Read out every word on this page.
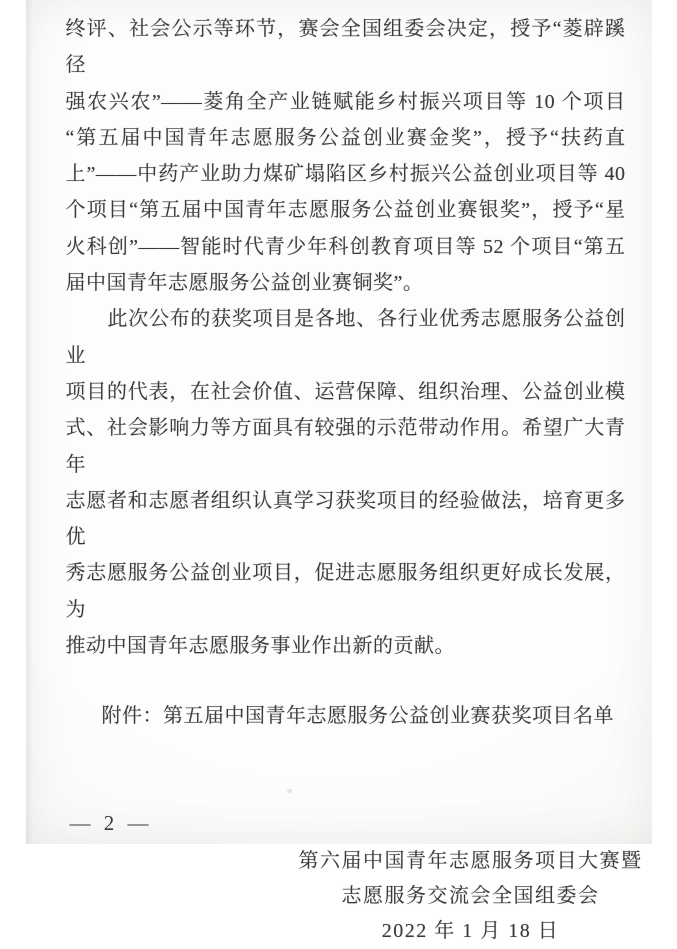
终评、社会公示等环节，赛会全国组委会决定，授予“菱辟蹊径
强农兴农”——菱角全产业链赋能乡村振兴项目等 10 个项目
“第五届中国青年志愿服务公益创业赛金奖”，授予“扶药直
上”——中药产业助力煤矿塌陷区乡村振兴公益创业项目等 40
个项目“第五届中国青年志愿服务公益创业赛银奖”，授予“星
火科创”——智能时代青少年科创教育项目等 52 个项目“第五
届中国青年志愿服务公益创业赛铜奖”。
此次公布的获奖项目是各地、各行业优秀志愿服务公益创业
项目的代表，在社会价值、运营保障、组织治理、公益创业模
式、社会影响力等方面具有较强的示范带动作用。希望广大青年
志愿者和志愿者组织认真学习获奖项目的经验做法，培育更多优
秀志愿服务公益创业项目，促进志愿服务组织更好成长发展，为
推动中国青年志愿服务事业作出新的贡献。
附件：第五届中国青年志愿服务公益创业赛获奖项目名单
第六届中国青年志愿服务项目大赛暨
志愿服务交流会全国组委会
2022 年 1 月 18 日
— 2 —
